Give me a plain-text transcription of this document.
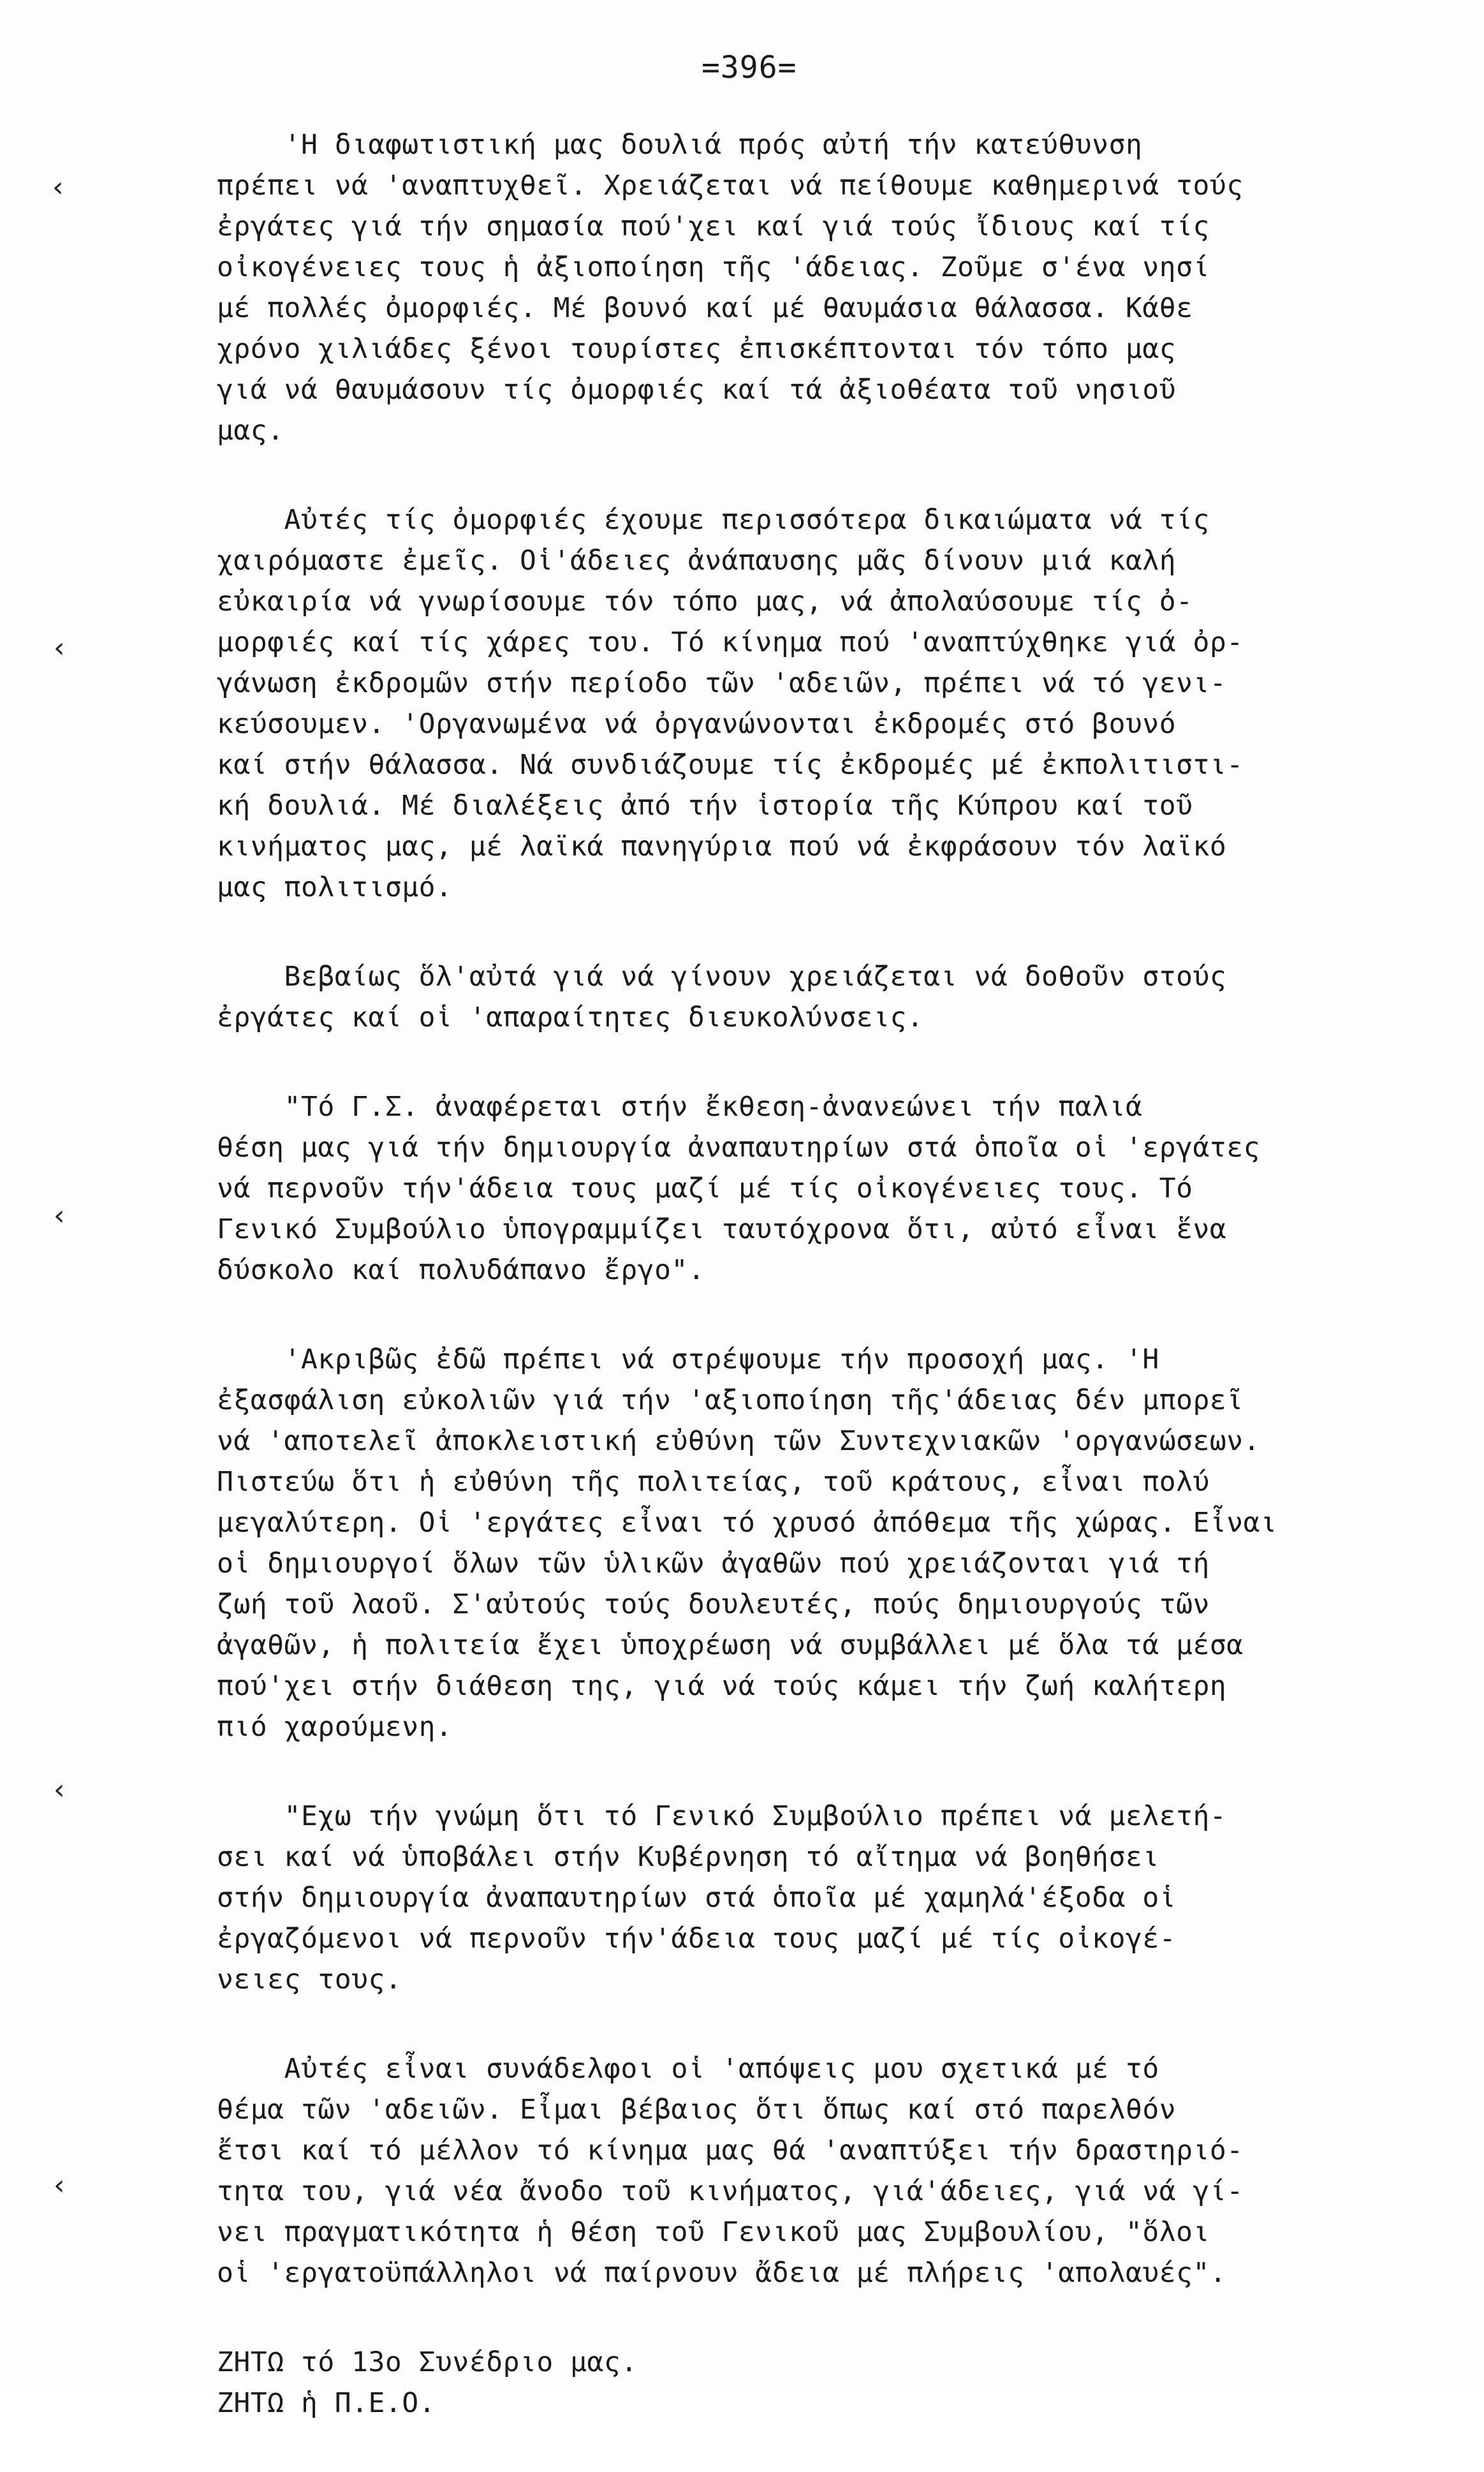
=396=
‹
‹
‹
‹
‹
'Η διαφωτιστική μας δουλιά πρός αὐτή τήν κατεύθυνση
πρέπει νά 'αναπτυχθεῖ. Χρειάζεται νά πείθουμε καθημερινά τούς
ἐργάτες γιά τήν σημασία πού'χει καί γιά τούς ἴδιους καί τίς
οἰκογένειες τους ἡ ἀξιοποίηση τῆς 'άδειας. Ζοῦμε σ'ένα νησί
μέ πολλές ὀμορφιές. Μέ βουνό καί μέ θαυμάσια θάλασσα. Κάθε
χρόνο χιλιάδες ξένοι τουρίστες ἐπισκέπτονται τόν τόπο μας
γιά νά θαυμάσουν τίς ὀμορφιές καί τά ἀξιοθέατα τοῦ νησιοῦ
μας.
Αὐτές τίς ὀμορφιές έχουμε περισσότερα δικαιώματα νά τίς
χαιρόμαστε ἐμεῖς. Οἱ'άδειες ἀνάπαυσης μᾶς δίνουν μιά καλή
εὐκαιρία νά γνωρίσουμε τόν τόπο μας, νά ἀπολαύσουμε τίς ὀ-
μορφιές καί τίς χάρες του. Τό κίνημα πού 'αναπτύχθηκε γιά ὀρ-
γάνωση ἐκδρομῶν στήν περίοδο τῶν 'αδειῶν, πρέπει νά τό γενι-
κεύσουμεν. 'Οργανωμένα νά ὀργανώνονται ἐκδρομές στό βουνό
καί στήν θάλασσα. Νά συνδιάζουμε τίς ἐκδρομές μέ ἐκπολιτιστι-
κή δουλιά. Μέ διαλέξεις ἀπό τήν ἱστορία τῆς Κύπρου καί τοῦ
κινήματος μας, μέ λαϊκά πανηγύρια πού νά ἐκφράσουν τόν λαϊκό
μας πολιτισμό.
Βεβαίως ὅλ'αὐτά γιά νά γίνουν χρειάζεται νά δοθοῦν στούς
ἐργάτες καί οἱ 'απαραίτητες διευκολύνσεις.
"Τό Γ.Σ. ἀναφέρεται στήν ἔκθεση-ἀνανεώνει τήν παλιά
θέση μας γιά τήν δημιουργία ἀναπαυτηρίων στά ὁποῖα οἱ 'εργάτες
νά περνοῦν τήν'άδεια τους μαζί μέ τίς οἰκογένειες τους. Τό
Γενικό Συμβούλιο ὑπογραμμίζει ταυτόχρονα ὅτι, αὐτό εἶναι ἕνα
δύσκολο καί πολυδάπανο ἔργο".
'Ακριβῶς ἐδῶ πρέπει νά στρέψουμε τήν προσοχή μας. 'Η
ἐξασφάλιση εὐκολιῶν γιά τήν 'αξιοποίηση τῆς'άδειας δέν μπορεῖ
νά 'αποτελεῖ ἀποκλειστική εὐθύνη τῶν Συντεχνιακῶν 'οργανώσεων.
Πιστεύω ὅτι ἡ εὐθύνη τῆς πολιτείας, τοῦ κράτους, εἶναι πολύ
μεγαλύτερη. Οἱ 'εργάτες εἶναι τό χρυσό ἀπόθεμα τῆς χώρας. Εἶναι
οἱ δημιουργοί ὅλων τῶν ὑλικῶν ἀγαθῶν πού χρειάζονται γιά τή
ζωή τοῦ λαοῦ. Σ'αὐτούς τούς δουλευτές, πούς δημιουργούς τῶν
ἀγαθῶν, ἡ πολιτεία ἔχει ὑποχρέωση νά συμβάλλει μέ ὅλα τά μέσα
πού'χει στήν διάθεση της, γιά νά τούς κάμει τήν ζωή καλήτερη
πιό χαρούμενη.
"Εχω τήν γνώμη ὅτι τό Γενικό Συμβούλιο πρέπει νά μελετή-
σει καί νά ὑποβάλει στήν Κυβέρνηση τό αἴτημα νά βοηθήσει
στήν δημιουργία ἀναπαυτηρίων στά ὁποῖα μέ χαμηλά'έξοδα οἱ
ἐργαζόμενοι νά περνοῦν τήν'άδεια τους μαζί μέ τίς οἰκογέ-
νειες τους.
Αὐτές εἶναι συνάδελφοι οἱ 'απόψεις μου σχετικά μέ τό
θέμα τῶν 'αδειῶν. Εἶμαι βέβαιος ὅτι ὅπως καί στό παρελθόν
ἔτσι καί τό μέλλον τό κίνημα μας θά 'αναπτύξει τήν δραστηριό-
τητα του, γιά νέα ἄνοδο τοῦ κινήματος, γιά'άδειες, γιά νά γί-
νει πραγματικότητα ἡ θέση τοῦ Γενικοῦ μας Συμβουλίου, "ὅλοι
οἱ 'εργατοϋπάλληλοι νά παίρνουν ἄδεια μέ πλήρεις 'απολαυές".
ΖΗΤΩ τό 13ο Συνέδριο μας.
ΖΗΤΩ ἡ Π.Ε.Ο.
